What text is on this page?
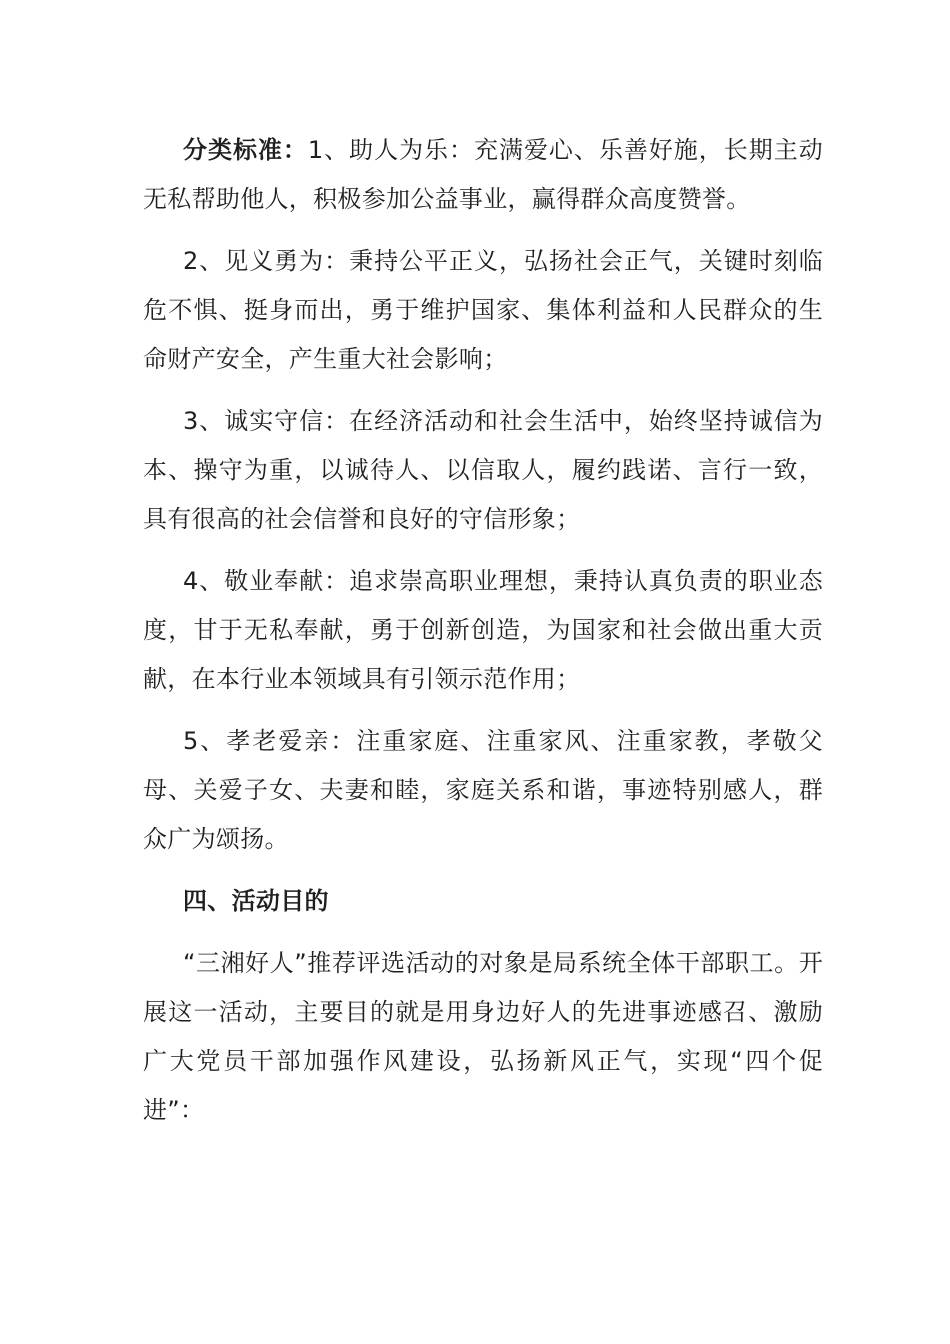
分类标准：1、助人为乐：充满爱心、乐善好施，长期主动无私帮助他人，积极参加公益事业，赢得群众高度赞誉。

2、见义勇为：秉持公平正义，弘扬社会正气，关键时刻临危不惧、挺身而出，勇于维护国家、集体利益和人民群众的生命财产安全，产生重大社会影响；

3、诚实守信：在经济活动和社会生活中，始终坚持诚信为本、操守为重，以诚待人、以信取人，履约践诺、言行一致，具有很高的社会信誉和良好的守信形象；

4、敬业奉献：追求崇高职业理想，秉持认真负责的职业态度，甘于无私奉献，勇于创新创造，为国家和社会做出重大贡献，在本行业本领域具有引领示范作用；

5、孝老爱亲：注重家庭、注重家风、注重家教，孝敬父母、关爱子女、夫妻和睦，家庭关系和谐，事迹特别感人，群众广为颂扬。

四、活动目的

“三湘好人”推荐评选活动的对象是局系统全体干部职工。开展这一活动，主要目的就是用身边好人的先进事迹感召、激励广大党员干部加强作风建设，弘扬新风正气，实现“四个促进”：
